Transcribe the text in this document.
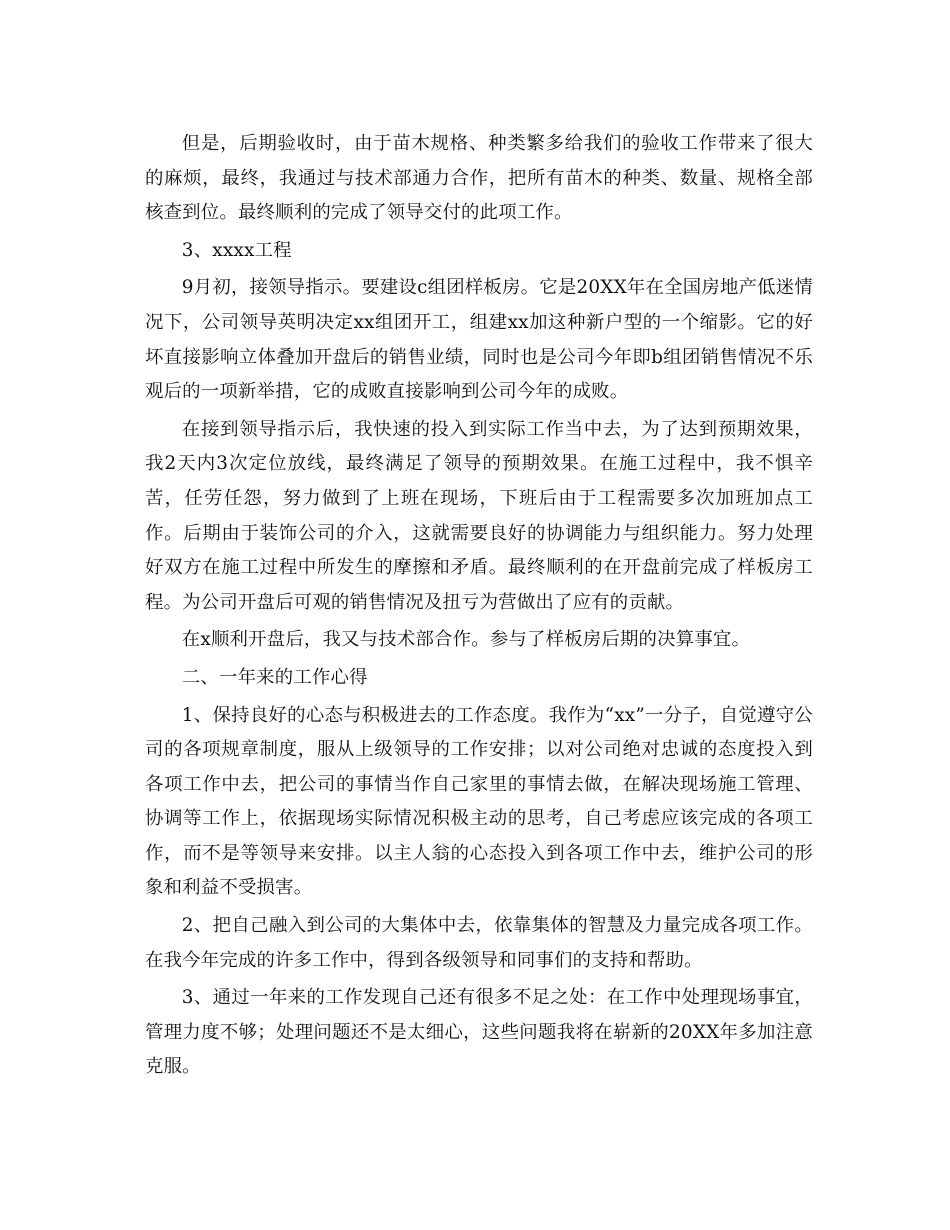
但是，后期验收时，由于苗木规格、种类繁多给我们的验收工作带来了很大的麻烦，最终，我通过与技术部通力合作，把所有苗木的种类、数量、规格全部核查到位。最终顺利的完成了领导交付的此项工作。

3、xxxx工程

9月初，接领导指示。要建设c组团样板房。它是20XX年在全国房地产低迷情况下，公司领导英明决定xx组团开工，组建xx加这种新户型的一个缩影。它的好坏直接影响立体叠加开盘后的销售业绩，同时也是公司今年即b组团销售情况不乐观后的一项新举措，它的成败直接影响到公司今年的成败。

在接到领导指示后，我快速的投入到实际工作当中去，为了达到预期效果，我2天内3次定位放线，最终满足了领导的预期效果。在施工过程中，我不惧辛苦，任劳任怨，努力做到了上班在现场，下班后由于工程需要多次加班加点工作。后期由于装饰公司的介入，这就需要良好的协调能力与组织能力。努力处理好双方在施工过程中所发生的摩擦和矛盾。最终顺利的在开盘前完成了样板房工程。为公司开盘后可观的销售情况及扭亏为营做出了应有的贡献。

在x顺利开盘后，我又与技术部合作。参与了样板房后期的决算事宜。

二、一年来的工作心得

1、保持良好的心态与积极进去的工作态度。我作为“xx”一分子，自觉遵守公司的各项规章制度，服从上级领导的工作安排；以对公司绝对忠诚的态度投入到各项工作中去，把公司的事情当作自己家里的事情去做，在解决现场施工管理、协调等工作上，依据现场实际情况积极主动的思考，自己考虑应该完成的各项工作，而不是等领导来安排。以主人翁的心态投入到各项工作中去，维护公司的形象和利益不受损害。

2、把自己融入到公司的大集体中去，依靠集体的智慧及力量完成各项工作。在我今年完成的许多工作中，得到各级领导和同事们的支持和帮助。

3、通过一年来的工作发现自己还有很多不足之处：在工作中处理现场事宜，管理力度不够；处理问题还不是太细心，这些问题我将在崭新的20XX年多加注意克服。
